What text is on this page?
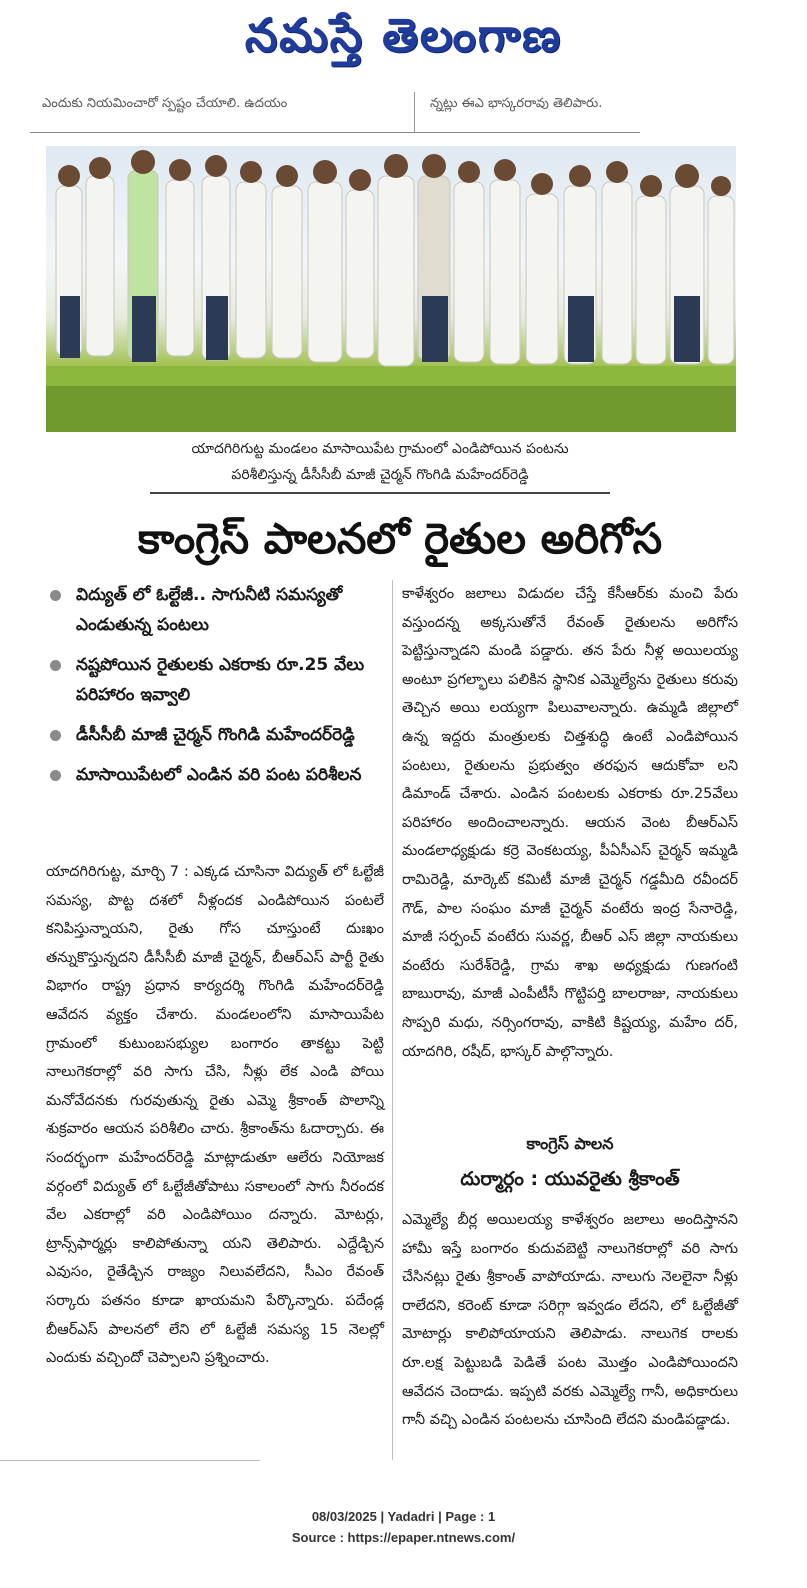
నమస్తే తెలంగాణ
ఎందుకు నియమించారో స్పష్టం చేయాలి. ఉదయం	న్నట్లు ఈఎ భాస్కరరావు తెలిపారు.
యాదగిరిగుట్ట మండలం మాసాయిపేట గ్రామంలో ఎండిపోయిన పంటను
పరిశీలిస్తున్న డీసీసీబీ మాజీ చైర్మన్ గొంగిడి మహేందర్‌రెడ్డి
కాంగ్రెస్ పాలనలో రైతుల అరిగోస
విద్యుత్ లో ఓల్టేజీ.. సాగునీటి సమస్యతో ఎండుతున్న పంటలు
నష్టపోయిన రైతులకు ఎకరాకు రూ.25 వేలు పరిహారం ఇవ్వాలి
డీసీసీబీ మాజీ చైర్మన్ గొంగిడి మహేందర్‌రెడ్డి
మాసాయిపేటలో ఎండిన వరి పంట పరిశీలన
యాదగిరిగుట్ట, మార్చి 7 : ఎక్కడ చూసినా విద్యుత్ లో ఓల్టేజీ సమస్య, పొట్ట దశలో నీళ్లందక ఎండిపోయిన పంటలే కనిపిస్తున్నాయని, రైతు గోస చూస్తుంటే దుఃఖం తన్నుకొస్తున్నదని డీసీసీబీ మాజీ చైర్మన్, బీఆర్‌ఎస్ పార్టీ రైతు విభాగం రాష్ట్ర ప్రధాన కార్యదర్శి గొంగిడి మహేందర్‌రెడ్డి ఆవేదన వ్యక్తం చేశారు. మండలంలోని మాసాయిపేట గ్రామంలో కుటుంబసభ్యుల బంగారం తాకట్టు పెట్టి నాలుగెకరాల్లో వరి సాగు చేసి, నీళ్లు లేక ఎండి పోయి మనోవేదనకు గురవుతున్న రైతు ఎమ్మె శ్రీకాంత్ పొలాన్ని శుక్రవారం ఆయన పరిశీలిం చారు. శ్రీకాంత్‌ను ఓదార్చారు. ఈ సందర్భంగా మహేందర్‌రెడ్డి మాట్లాడుతూ ఆలేరు నియోజక వర్గంలో విద్యుత్ లో ఓల్టేజీతోపాటు సకాలంలో సాగు నీరందక వేల ఎకరాల్లో వరి ఎండిపోయిం దన్నారు. మోటర్లు, ట్రాన్స్‌ఫార్మర్లు కాలిపోతున్నా యని తెలిపారు. ఎద్దేడ్చిన ఎవుసం, రైతేడ్చిన రాజ్యం నిలువలేదని, సీఎం రేవంత్ సర్కారు పతనం కూడా ఖాయమని పేర్కొన్నారు. పదేండ్ల బీఆర్‌ఎస్ పాలనలో లేని లో ఓల్టేజీ సమస్య 15 నెలల్లో ఎందుకు వచ్చిందో చెప్పాలని ప్రశ్నించారు.
కాళేశ్వరం జలాలు విడుదల చేస్తే కేసీఆర్‌కు మంచి పేరు వస్తుందన్న అక్కసుతోనే రేవంత్ రైతులను అరిగోస పెట్టిస్తున్నాడని మండి పడ్డారు. తన పేరు నీళ్ల అయిలయ్య అంటూ ప్రగల్భాలు పలికిన స్థానిక ఎమ్మెల్యేను రైతులు కరువు తెచ్చిన అయి లయ్యగా పిలువాలన్నారు. ఉమ్మడి జిల్లాలో ఉన్న ఇద్దరు మంత్రులకు చిత్తశుద్ధి ఉంటే ఎండిపోయిన పంటలు, రైతులను ప్రభుత్వం తరఫున ఆదుకోవా లని డిమాండ్ చేశారు. ఎండిన పంటలకు ఎకరాకు రూ.25వేలు పరిహారం అందించాలన్నారు. ఆయన వెంట బీఆర్‌ఎస్ మండలాధ్యక్షుడు కర్రె వెంకటయ్య, పీఏసీఎస్ చైర్మన్ ఇమ్మడి రామిరెడ్డి, మార్కెట్ కమిటీ మాజీ చైర్మన్ గడ్డమీది రవీందర్ గౌడ్, పాల సంఘం మాజీ చైర్మన్ వంటేరు ఇంద్ర సేనారెడ్డి, మాజీ సర్పంచ్ వంటేరు సువర్ణ, బీఆర్ ఎస్ జిల్లా నాయకులు వంటేరు సురేశ్‌రెడ్డి, గ్రామ శాఖ అధ్యక్షుడు గుణగంటి బాబురావు, మాజీ ఎంపీటీసీ గొట్టిపర్తి బాలరాజు, నాయకులు సొప్పరి మధు, నర్సింగరావు, వాకిటి కిష్టయ్య, మహేం దర్, యాదగిరి, రషీద్, భాస్కర్ పాల్గొన్నారు.
కాంగ్రెస్ పాలన
దుర్మార్గం : యువరైతు శ్రీకాంత్
ఎమ్మెల్యే బీర్ల అయిలయ్య కాళేశ్వరం జలాలు అందిస్తానని హామీ ఇస్తే బంగారం కుదువబెట్టి నాలుగెకరాల్లో వరి సాగు చేసినట్లు రైతు శ్రీకాంత్ వాపోయాడు. నాలుగు నెలలైనా నీళ్లు రాలేదని, కరెంట్ కూడా సరిగ్గా ఇవ్వడం లేదని, లో ఓల్టేజీతో మోటార్లు కాలిపోయాయని తెలిపాడు. నాలుగెక రాలకు రూ.లక్ష పెట్టుబడి పెడితే పంట మొత్తం ఎండిపోయిందని ఆవేదన చెందాడు. ఇప్పటి వరకు ఎమ్మెల్యే గానీ, అధికారులు గానీ వచ్చి ఎండిన పంటలను చూసింది లేదని మండిపడ్డాడు.
08/03/2025 | Yadadri | Page : 1
Source : https://epaper.ntnews.com/
